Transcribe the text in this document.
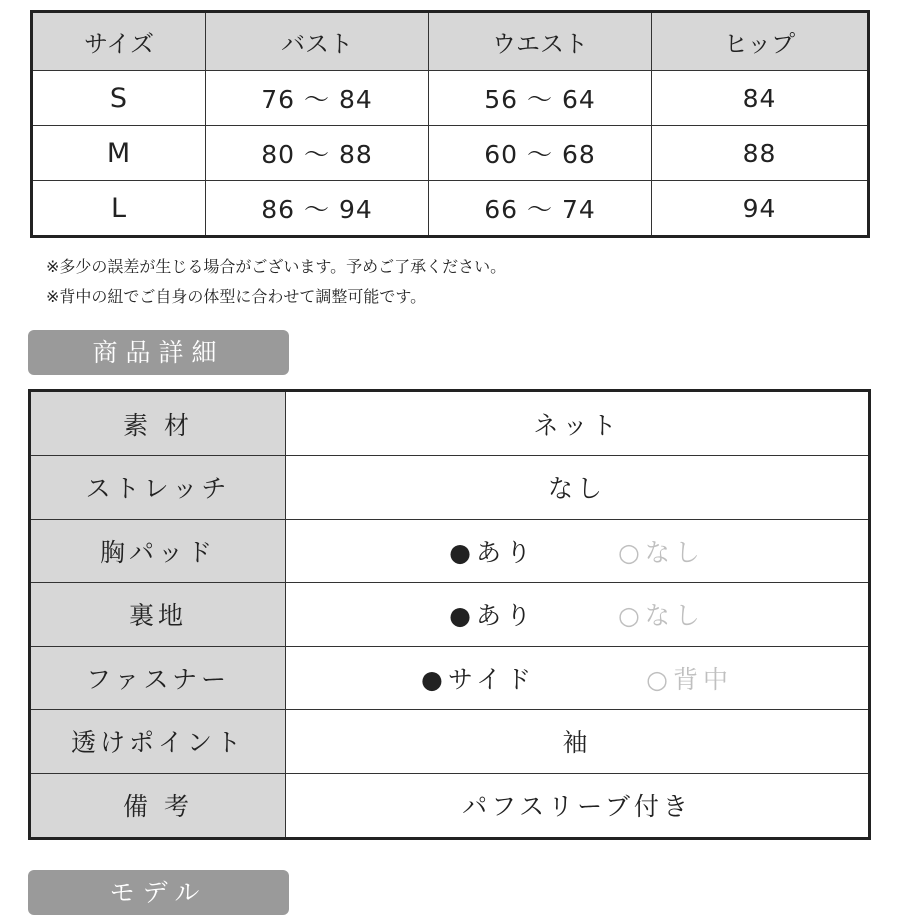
サイズ	バスト	ウエスト	ヒップ
S	76 〜 84	56 〜 64	84
M	80 〜 88	60 〜 68	88
L	86 〜 94	66 〜 74	94
※多少の誤差が生じる場合がございます。予めご了承ください。
※背中の紐でご自身の体型に合わせて調整可能です。
商品詳細
素 材	ネット
ストレッチ	なし
胸パッド	●あり ○なし
裏地	●あり ○なし
ファスナー	●サイド ○背中
透けポイント	袖
備 考	パフスリーブ付き
モデル
